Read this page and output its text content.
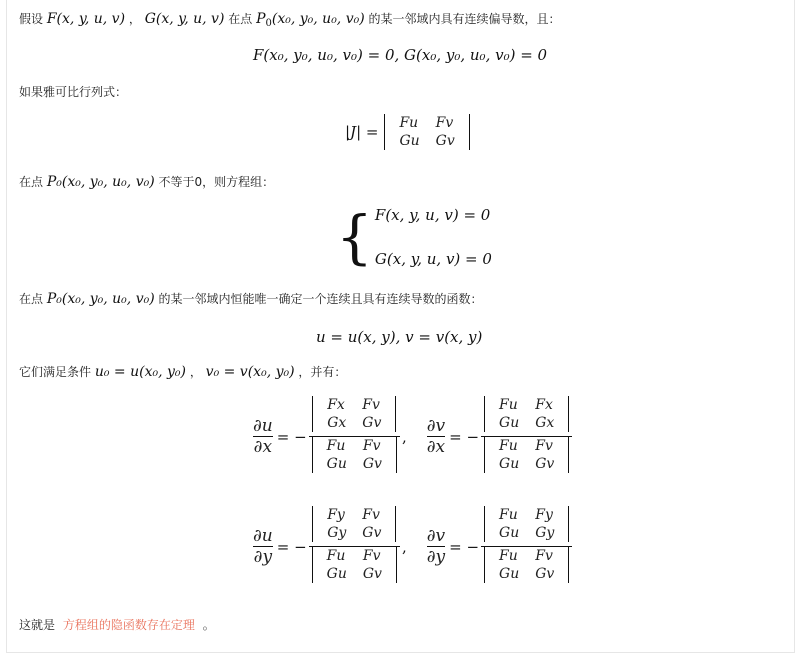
假设 F(x, y, u, v) ， G(x, y, u, v) 在点 $P_0(x_0$, y₀, u₀, v₀) 的某一邻域内具有连续偏导数，且：
F(x₀, y₀, u₀, v₀) = 0, G(x₀, y₀, u₀, v₀) = 0
如果雅可比行列式：
|J| = Fu	Fv
Gu	Gv
在点 P₀(x₀, y₀, u₀, v₀) 不等于0，则方程组：
{ F(x, y, u, v) = 0
G(x, y, u, v) = 0
在点 P₀(x₀, y₀, u₀, v₀) 的某一邻域内恒能唯一确定一个连续且具有连续导数的函数：
u = u(x, y), v = v(x, y)
它们满足条件 u₀ = u(x₀, y₀) ， v₀ = v(x₀, y₀) ，并有：
$\frac{\partial u}{\partial x}$ = − Fx	Fv
Gx	Gv
Fu	Fv
Gu	Gv , $\frac{\partial v}{\partial x}$ = − Fu	Fx
Gu	Gx
Fu	Fv
Gu	Gv
$\frac{\partial u}{\partial y}$ = − Fy	Fv
Gy	Gv
Fu	Fv
Gu	Gv , $\frac{\partial v}{\partial y}$ = − Fu	Fy
Gu	Gy
Fu	Fv
Gu	Gv
这就是 方程组的隐函数存在定理 。
